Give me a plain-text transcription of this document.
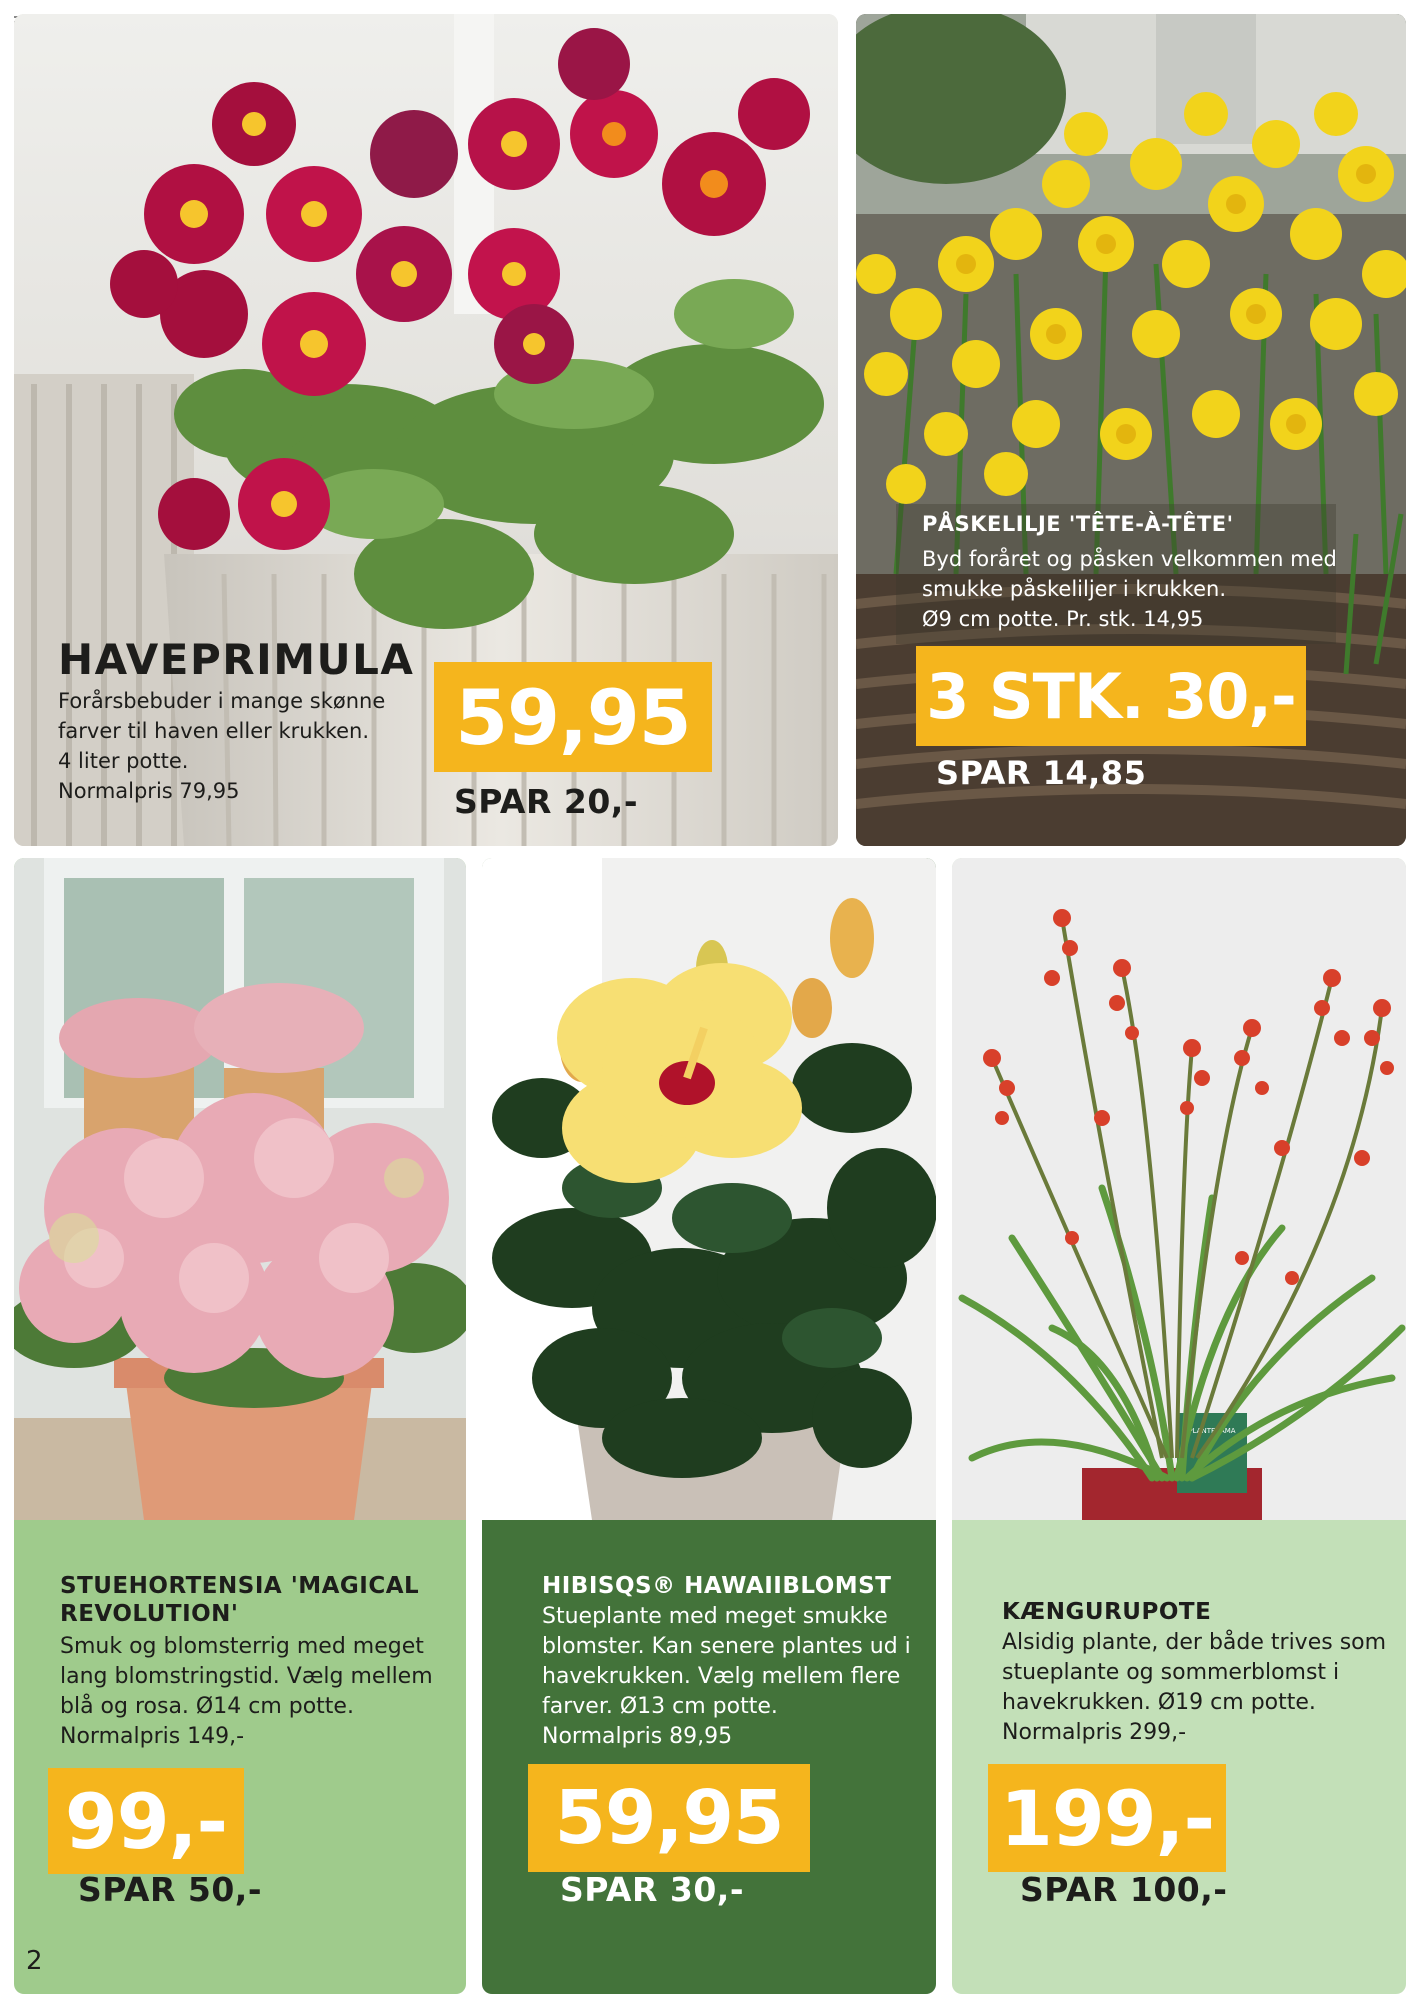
HAVEPRIMULA
Forårsbebuder i mange skønne
farver til haven eller krukken.
4 liter potte.
Normalpris 79,95
59,95
SPAR 20,-
PÅSKELILJE 'TÊTE-À-TÊTE'
Byd foråret og påsken velkommen med
smukke påskeliljer i krukken.
Ø9 cm potte. Pr. stk. 14,95
3 STK. 30,-
SPAR 14,85
STUEHORTENSIA 'MAGICAL
REVOLUTION'
Smuk og blomsterrig med meget
lang blomstringstid. Vælg mellem
blå og rosa. Ø14 cm potte.
Normalpris 149,-
99,-
SPAR 50,-
HIBISQS® HAWAIIBLOMST
Stueplante med meget smukke
blomster. Kan senere plantes ud i
havekrukken. Vælg mellem flere
farver. Ø13 cm potte.
Normalpris 89,95
59,95
SPAR 30,-
PLANTERAMA
KÆNGURUPOTE
Alsidig plante, der både trives som
stueplante og sommerblomst i
havekrukken. Ø19 cm potte.
Normalpris 299,-
199,-
SPAR 100,-
2
